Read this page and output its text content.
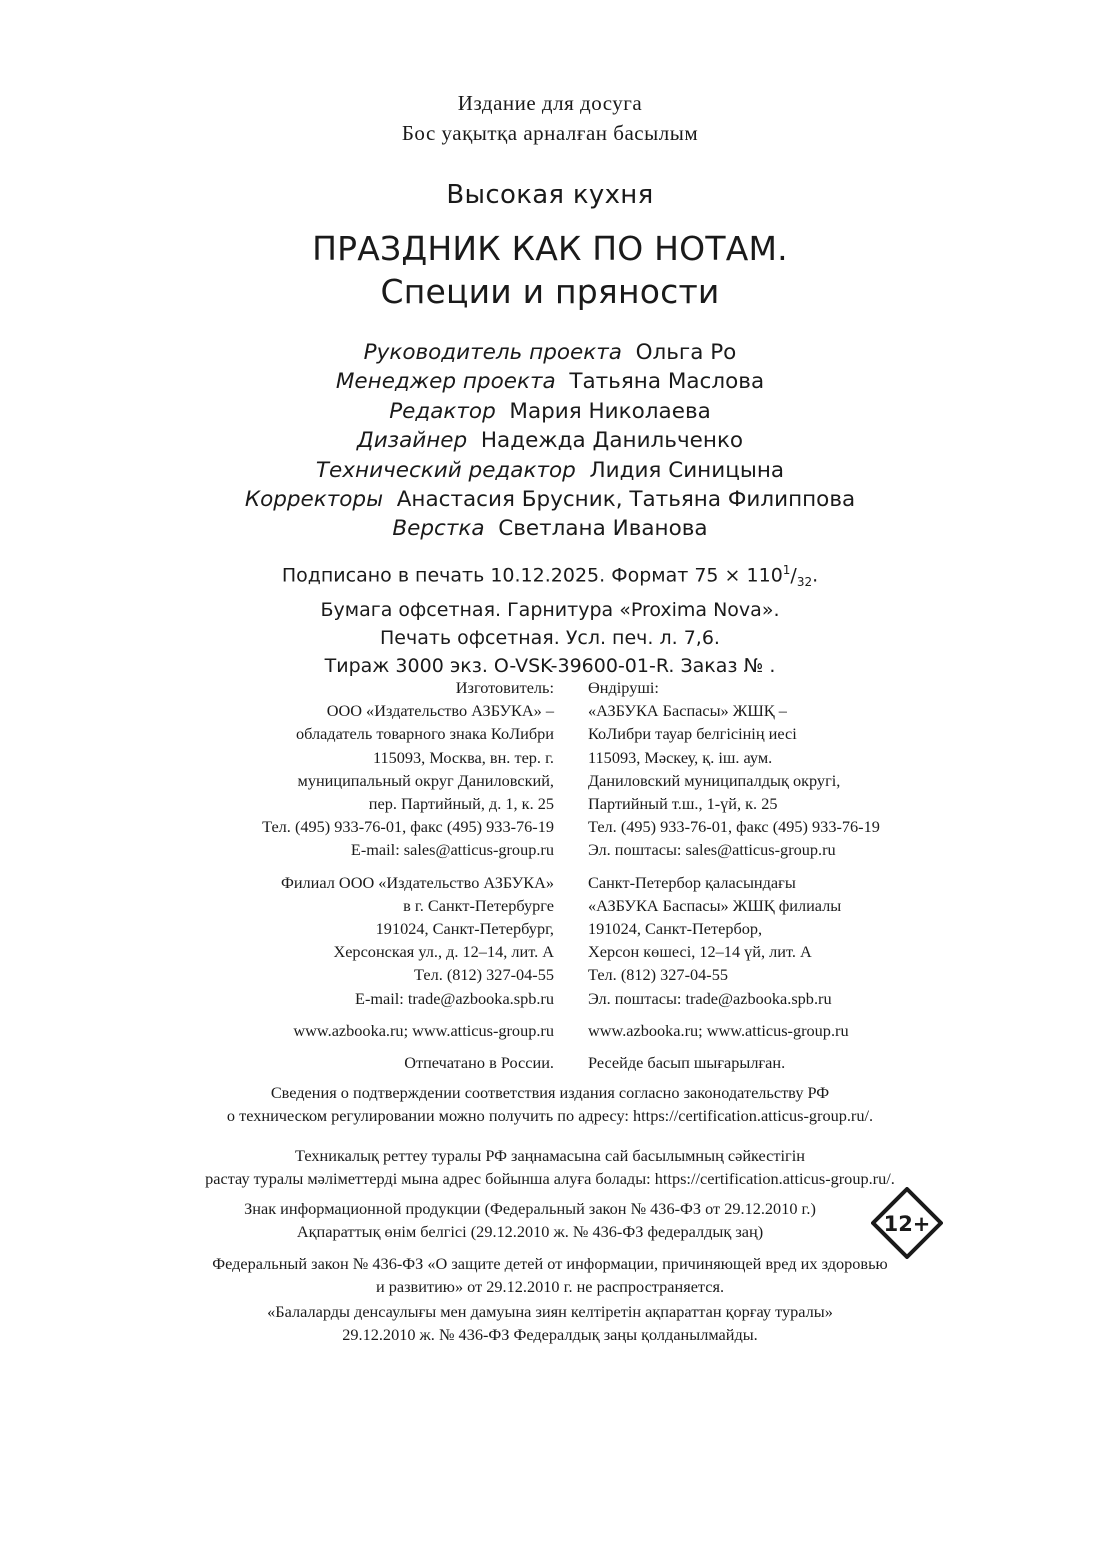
Издание для досуга
Бос уақытқа арналған басылым
Высокая кухня
ПРАЗДНИК КАК ПО НОТАМ.
Специи и пряности
Руководитель проекта Ольга Ро
Менеджер проекта Татьяна Маслова
Редактор Мария Николаева
Дизайнер Надежда Данильченко
Технический редактор Лидия Синицына
Корректоры Анастасия Брусник, Татьяна Филиппова
Верстка Светлана Иванова
Подписано в печать 10.12.2025. Формат $75 \times 110^1/_{32}$.
Бумага офсетная. Гарнитура «Proxima Nova».
Печать офсетная. Усл. печ. л. 7,6.
Тираж 3000 экз. O-VSK-39600-01-R. Заказ № .
Изготовитель:
ООО «Издательство АЗБУКА» –
обладатель товарного знака КоЛибри
115093, Москва, вн. тер. г.
муниципальный округ Даниловский,
пер. Партийный, д. 1, к. 25
Тел. (495) 933-76-01, факс (495) 933-76-19
E-mail: sales@atticus-group.ru
Филиал ООО «Издательство АЗБУКА»
в г. Санкт-Петербурге
191024, Санкт-Петербург,
Херсонская ул., д. 12–14, лит. А
Тел. (812) 327-04-55
E-mail: trade@azbooka.spb.ru
www.azbooka.ru; www.atticus-group.ru
Отпечатано в России.
Өндіруші:
«АЗБУКА Баспасы» ЖШҚ –
КоЛибри тауар белгісінің иесі
115093, Мәскеу, қ. іш. аум.
Даниловский муниципалдық округі,
Партийный т.ш., 1-үй, к. 25
Тел. (495) 933-76-01, факс (495) 933-76-19
Эл. поштасы: sales@atticus-group.ru
Санкт-Петербор қаласындағы
«АЗБУКА Баспасы» ЖШҚ филиалы
191024, Санкт-Петербор,
Херсон көшесі, 12–14 үй, лит. А
Тел. (812) 327-04-55
Эл. поштасы: trade@azbooka.spb.ru
www.azbooka.ru; www.atticus-group.ru
Ресейде басып шығарылған.
Сведения о подтверждении соответствия издания согласно законодательству РФ
о техническом регулировании можно получить по адресу: https://certification.atticus-group.ru/.
Техникалық реттеу туралы РФ заңнамасына сай басылымның сәйкестігін
растау туралы мәліметтерді мына адрес бойынша алуға болады: https://certification.atticus-group.ru/.
Знак информационной продукции (Федеральный закон № 436-ФЗ от 29.12.2010 г.)
Ақпараттық өнім белгісі (29.12.2010 ж. № 436-ФЗ федералдық заң)	12+
Федеральный закон № 436-ФЗ «О защите детей от информации, причиняющей вред их здоровью
и развитию» от 29.12.2010 г. не распространяется.
«Балаларды денсаулығы мен дамуына зиян келтіретін ақпараттан қорғау туралы»
29.12.2010 ж. № 436-ФЗ Федералдық заңы қолданылмайды.
